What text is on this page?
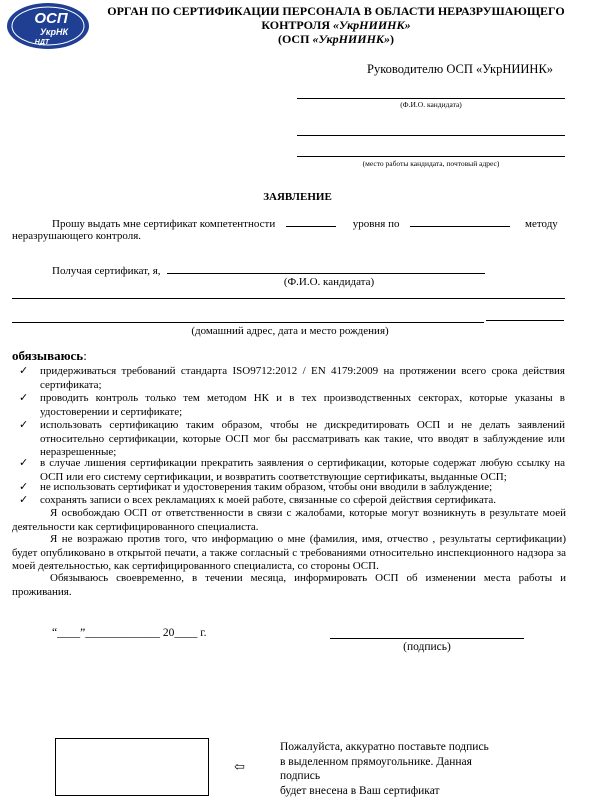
ОСП
УкрНК
НДТ
ОРГАН ПО СЕРТИФИКАЦИИ ПЕРСОНАЛА В ОБЛАСТИ НЕРАЗРУШАЮЩЕГО
КОНТРОЛЯ «УкрНИИНК»
(ОСП «УкрНИИНК»)
Руководителю ОСП «УкрНИИНК»
(Ф.И.О. кандидата)
(место работы кандидата, почтовый адрес)
ЗАЯВЛЕНИЕ
Прошу выдать мне сертификат компетентности	уровня по	методу
неразрушающего контроля.
Получая сертификат, я,
(Ф.И.О. кандидата)
(домашний адрес, дата и место рождения)
обязываюсь:
✓ придерживаться требований стандарта ISO9712:2012 / EN 4179:2009 на протяжении всего срока действия сертификата;
✓ проводить контроль только тем методом НК и в тех производственных секторах, которые указаны в удостоверении и сертификате;
✓ использовать сертификацию таким образом, чтобы не дискредитировать ОСП и не делать заявлений относительно сертификации, которые ОСП мог бы рассматривать как такие, что вводят в заблуждение или неразрешенные;
✓ в случае лишения сертификации прекратить заявления о сертификации, которые содержат любую ссылку на ОСП или его систему сертификации, и возвратить соответствующие сертификаты, выданные ОСП;
✓ не использовать сертификат и удостоверения таким образом, чтобы они вводили в заблуждение;
✓ сохранять записи о всех рекламациях к моей работе, связанные со сферой действия сертификата.
Я освобождаю ОСП от ответственности в связи с жалобами, которые могут возникнуть в результате моей деятельности как сертифицированного специалиста.
Я не возражаю против того, что информацию о мне (фамилия, имя, отчество , результаты сертификации) будет опубликовано в открытой печати, а также согласный с требованиями относительно инспекционного надзора за моей деятельностью, как сертифицированного специалиста, со стороны ОСП.
Обязываюсь своевременно, в течении месяца, информировать ОСП об изменении места работы и проживания.
“____”_____________ 20____ г.
(подпись)
⇦
Пожалуйста, аккуратно поставьте подпись
в выделенном прямоугольнике. Данная
подпись
будет внесена в Ваш сертификат
